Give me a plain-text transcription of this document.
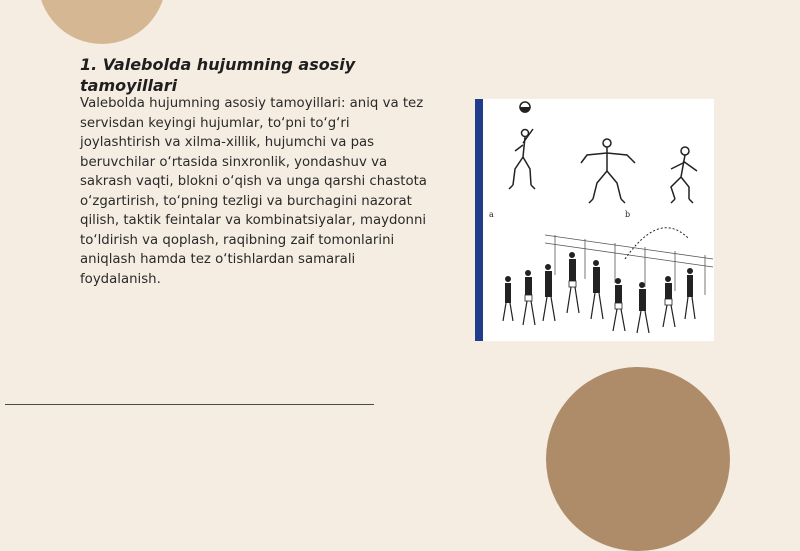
1. Valebolda hujumning asosiy tamoyillari

Valebolda hujumning asosiy tamoyillari: aniq va tez servisdan keyingi hujumlar, to‘pni to‘g‘ri joylashtirish va xilma-xillik, hujumchi va pas beruvchilar o‘rtasida sinxronlik, yondashuv va sakrash vaqti, blokni o‘qish va unga qarshi chastota o‘zgartirish, to‘pning tezligi va burchagini nazorat qilish, taktik feintalar va kombinatsiyalar, maydonni to‘ldirish va qoplash, raqibning zaif tomonlarini aniqlash hamda tez o‘tishlardan samarali foydalanish.

a	b
